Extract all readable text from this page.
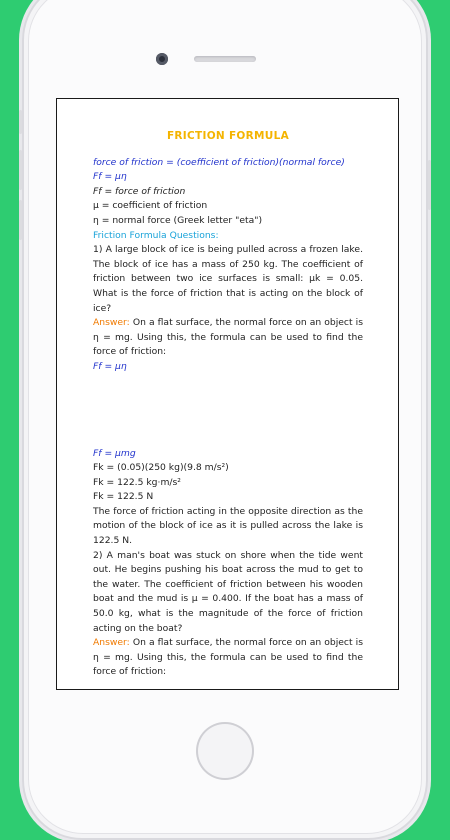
FRICTION FORMULA
force of friction = (coefficient of friction)(normal force)
Ff = μη
Ff = force of friction
μ = coefficient of friction
η = normal force (Greek letter "eta")
Friction Formula Questions:
1) A large block of ice is being pulled across a frozen lake. The block of ice has a mass of 250 kg. The coefficient of friction between two ice surfaces is small: μk = 0.05. What is the force of friction that is acting on the block of ice?
Answer: On a flat surface, the normal force on an object is η = mg. Using this, the formula can be used to find the force of friction:
Ff = μη
Ff = μmg
Fk = (0.05)(250 kg)(9.8 m/s²)
Fk = 122.5 kg·m/s²
Fk = 122.5 N
The force of friction acting in the opposite direction as the motion of the block of ice as it is pulled across the lake is 122.5 N.
2) A man's boat was stuck on shore when the tide went out. He begins pushing his boat across the mud to get to the water. The coefficient of friction between his wooden boat and the mud is μ = 0.400. If the boat has a mass of 50.0 kg, what is the magnitude of the force of friction acting on the boat?
Answer: On a flat surface, the normal force on an object is η = mg. Using this, the formula can be used to find the force of friction:
